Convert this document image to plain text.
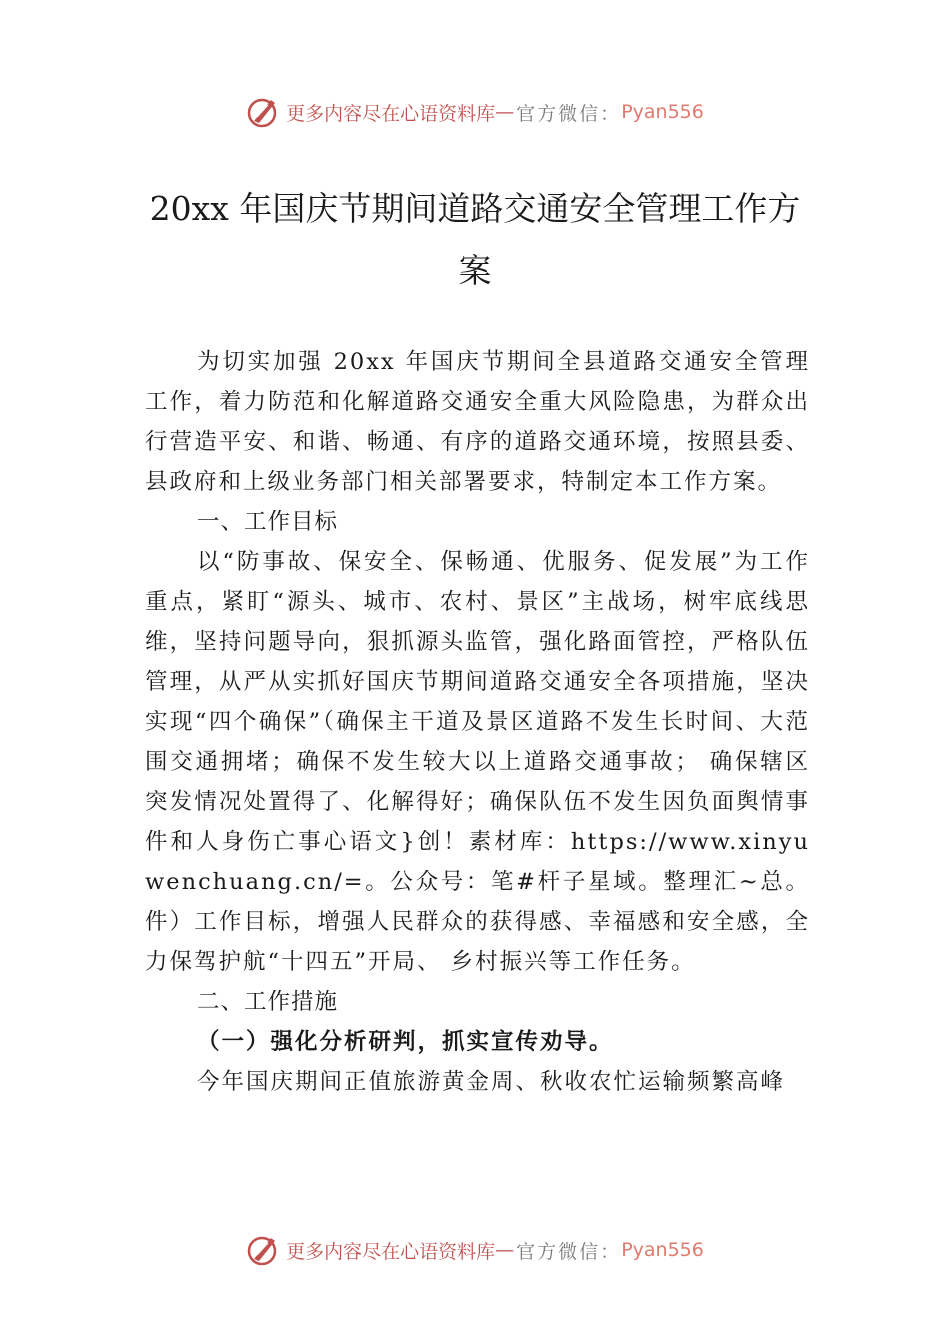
更多内容尽在心语资料库 — 官方微信： Pyan556
20xx 年国庆节期间道路交通安全管理工作方案

为切实加强 20xx 年国庆节期间全县道路交通安全管理工作，着力防范和化解道路交通安全重大风险隐患，为群众出行营造平安、和谐、畅通、有序的道路交通环境，按照县委、县政府和上级业务部门相关部署要求，特制定本工作方案。

一、工作目标

以“防事故、保安全、保畅通、优服务、促发展”为工作重点，紧盯“源头、城市、农村、景区”主战场，树牢底线思维，坚持问题导向，狠抓源头监管，强化路面管控，严格队伍管理，从严从实抓好国庆节期间道路交通安全各项措施，坚决实现“四个确保”（确保主干道及景区道路不发生长时间、大范围交通拥堵；确保不发生较大以上道路交通事故； 确保辖区突发情况处置得了、化解得好；确保队伍不发生因负面舆情事件和人身伤亡事心语文}创！素材库：https://www.xinyuwenchuang.cn/=。公众号：笔#杆子星域。整理汇~总。件）工作目标，增强人民群众的获得感、幸福感和安全感，全力保驾护航“十四五”开局、 乡村振兴等工作任务。

二、工作措施

（一）强化分析研判，抓实宣传劝导。

今年国庆期间正值旅游黄金周、秋收农忙运输频繁高峰

更多内容尽在心语资料库 — 官方微信： Pyan556
